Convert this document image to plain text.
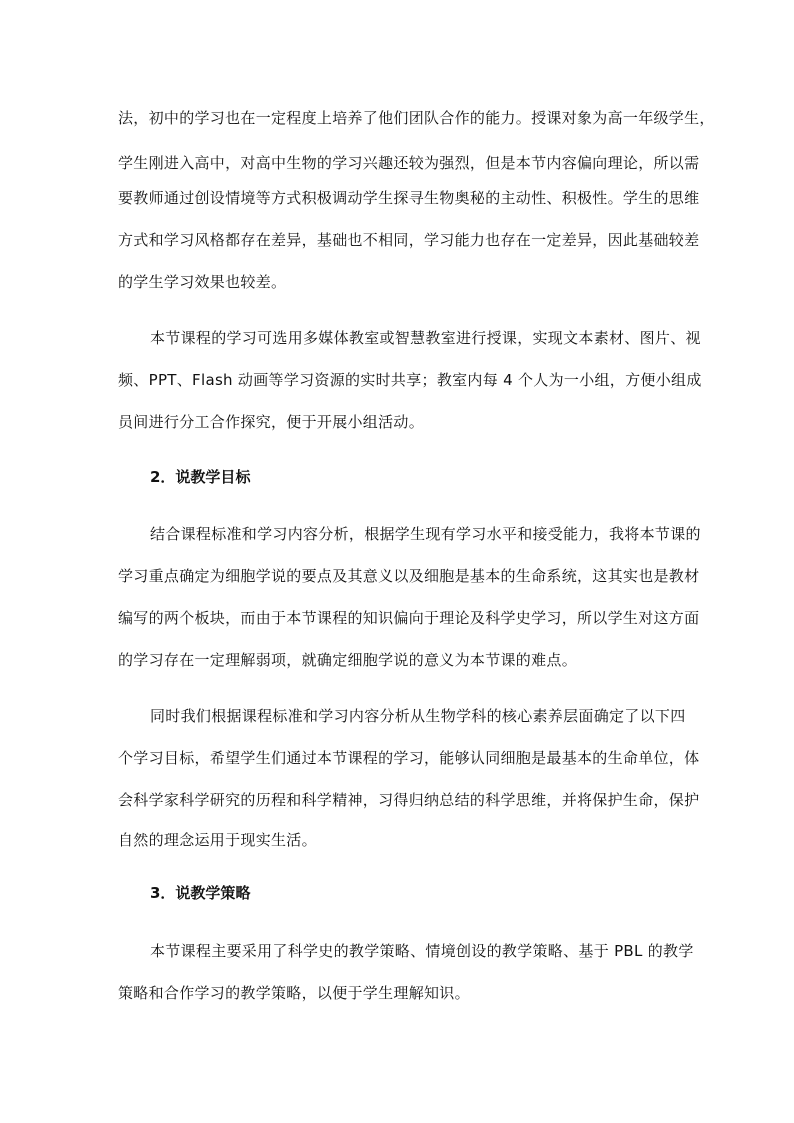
法，初中的学习也在一定程度上培养了他们团队合作的能力。授课对象为高一年级学生，
学生刚进入高中，对高中生物的学习兴趣还较为强烈，但是本节内容偏向理论，所以需
要教师通过创设情境等方式积极调动学生探寻生物奥秘的主动性、积极性。学生的思维
方式和学习风格都存在差异，基础也不相同，学习能力也存在一定差异，因此基础较差
的学生学习效果也较差。
本节课程的学习可选用多媒体教室或智慧教室进行授课，实现文本素材、图片、视
频、PPT、Flash 动画等学习资源的实时共享；教室内每 4 个人为一小组，方便小组成
员间进行分工合作探究，便于开展小组活动。
2．说教学目标
结合课程标准和学习内容分析，根据学生现有学习水平和接受能力，我将本节课的
学习重点确定为细胞学说的要点及其意义以及细胞是基本的生命系统，这其实也是教材
编写的两个板块，而由于本节课程的知识偏向于理论及科学史学习，所以学生对这方面
的学习存在一定理解弱项，就确定细胞学说的意义为本节课的难点。
同时我们根据课程标准和学习内容分析从生物学科的核心素养层面确定了以下四
个学习目标，希望学生们通过本节课程的学习，能够认同细胞是最基本的生命单位，体
会科学家科学研究的历程和科学精神，习得归纳总结的科学思维，并将保护生命，保护
自然的理念运用于现实生活。
3．说教学策略
本节课程主要采用了科学史的教学策略、情境创设的教学策略、基于 PBL 的教学
策略和合作学习的教学策略，以便于学生理解知识。
